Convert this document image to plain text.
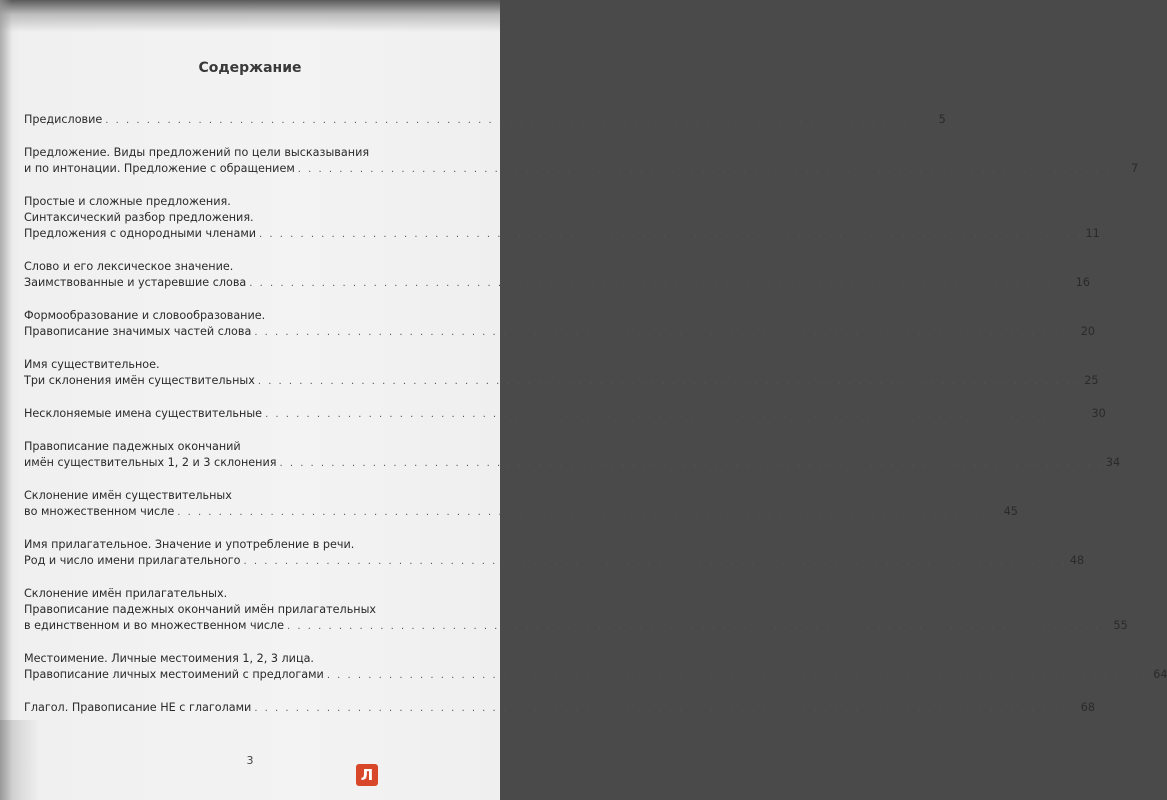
Содержание
Предисловие . . . . . . . . . . . . . . . . . . . . . . . . . . . . . . . . . . . . . . . . . . . . . . . . . . . . . . . . . . . . . . . . . . . . . . . . . . . . . . . . 5
Предложение. Виды предложений по цели высказывания
и по интонации. Предложение с обращением . . . . . . . . . . . . . . . . . . . . . . . . . . . . . . . . . . . . . . . . . . . . . . . . . . . . . . . . . . . . . . . . . . . . . . . . . . . . . . . . 7
Простые и сложные предложения.
Синтаксический разбор предложения.
Предложения с однородными членами . . . . . . . . . . . . . . . . . . . . . . . . . . . . . . . . . . . . . . . . . . . . . . . . . . . . . . . . . . . . . . . . . . . . . . . . . . . . . . . . 11
Слово и его лексическое значение.
Заимствованные и устаревшие слова . . . . . . . . . . . . . . . . . . . . . . . . . . . . . . . . . . . . . . . . . . . . . . . . . . . . . . . . . . . . . . . . . . . . . . . . . . . . . . . . 16
Формообразование и словообразование.
Правописание значимых частей слова . . . . . . . . . . . . . . . . . . . . . . . . . . . . . . . . . . . . . . . . . . . . . . . . . . . . . . . . . . . . . . . . . . . . . . . . . . . . . . . . 20
Имя существительное.
Три склонения имён существительных . . . . . . . . . . . . . . . . . . . . . . . . . . . . . . . . . . . . . . . . . . . . . . . . . . . . . . . . . . . . . . . . . . . . . . . . . . . . . . . . 25
Несклоняемые имена существительные . . . . . . . . . . . . . . . . . . . . . . . . . . . . . . . . . . . . . . . . . . . . . . . . . . . . . . . . . . . . . . . . . . . . . . . . . . . . . . . . 30
Правописание падежных окончаний
имён существительных 1, 2 и 3 склонения . . . . . . . . . . . . . . . . . . . . . . . . . . . . . . . . . . . . . . . . . . . . . . . . . . . . . . . . . . . . . . . . . . . . . . . . . . . . . . . . 34
Склонение имён существительных
во множественном числе . . . . . . . . . . . . . . . . . . . . . . . . . . . . . . . . . . . . . . . . . . . . . . . . . . . . . . . . . . . . . . . . . . . . . . . . . . . . . . . . 45
Имя прилагательное. Значение и употребление в речи.
Род и число имени прилагательного . . . . . . . . . . . . . . . . . . . . . . . . . . . . . . . . . . . . . . . . . . . . . . . . . . . . . . . . . . . . . . . . . . . . . . . . . . . . . . . . 48
Склонение имён прилагательных.
Правописание падежных окончаний имён прилагательных
в единственном и во множественном числе . . . . . . . . . . . . . . . . . . . . . . . . . . . . . . . . . . . . . . . . . . . . . . . . . . . . . . . . . . . . . . . . . . . . . . . . . . . . . . . . 55
Местоимение. Личные местоимения 1, 2, 3 лица.
Правописание личных местоимений с предлогами . . . . . . . . . . . . . . . . . . . . . . . . . . . . . . . . . . . . . . . . . . . . . . . . . . . . . . . . . . . . . . . . . . . . . . . . . . . . . . . . 64
Глагол. Правописание НЕ с глаголами . . . . . . . . . . . . . . . . . . . . . . . . . . . . . . . . . . . . . . . . . . . . . . . . . . . . . . . . . . . . . . . . . . . . . . . . . . . . . . . . 68
3
Л
